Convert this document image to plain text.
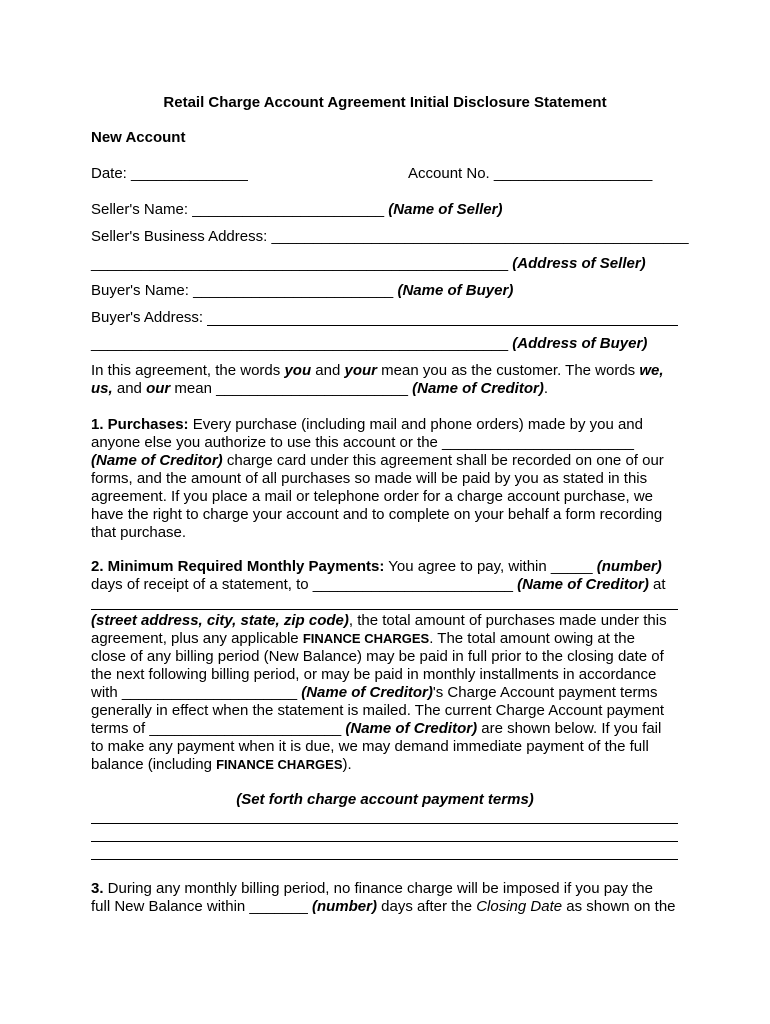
Retail Charge Account Agreement Initial Disclosure Statement
New Account
Date: ______________	Account No. ___________________
Seller's Name: _______________________ (Name of Seller)
Seller's Business Address: __________________________________________________
__________________________________________________ (Address of Seller)
Buyer's Name: ________________________ (Name of Buyer)
Buyer's Address:
__________________________________________________ (Address of Buyer)
In this agreement, the words you and your mean you as the customer. The words we,
us, and our mean _______________________ (Name of Creditor).
1. Purchases: Every purchase (including mail and phone orders) made by you and
anyone else you authorize to use this account or the _______________________
(Name of Creditor) charge card under this agreement shall be recorded on one of our
forms, and the amount of all purchases so made will be paid by you as stated in this
agreement. If you place a mail or telephone order for a charge account purchase, we
have the right to charge your account and to complete on your behalf a form recording
that purchase.
2. Minimum Required Monthly Payments: You agree to pay, within _____ (number)
days of receipt of a statement, to ________________________ (Name of Creditor) at
(street address, city, state, zip code), the total amount of purchases made under this
agreement, plus any applicable FINANCE CHARGES. The total amount owing at the
close of any billing period (New Balance) may be paid in full prior to the closing date of
the next following billing period, or may be paid in monthly installments in accordance
with _____________________ (Name of Creditor)'s Charge Account payment terms
generally in effect when the statement is mailed. The current Charge Account payment
terms of _______________________ (Name of Creditor) are shown below. If you fail
to make any payment when it is due, we may demand immediate payment of the full
balance (including FINANCE CHARGES).
(Set forth charge account payment terms)
3. During any monthly billing period, no finance charge will be imposed if you pay the
full New Balance within _______ (number) days after the Closing Date as shown on the
